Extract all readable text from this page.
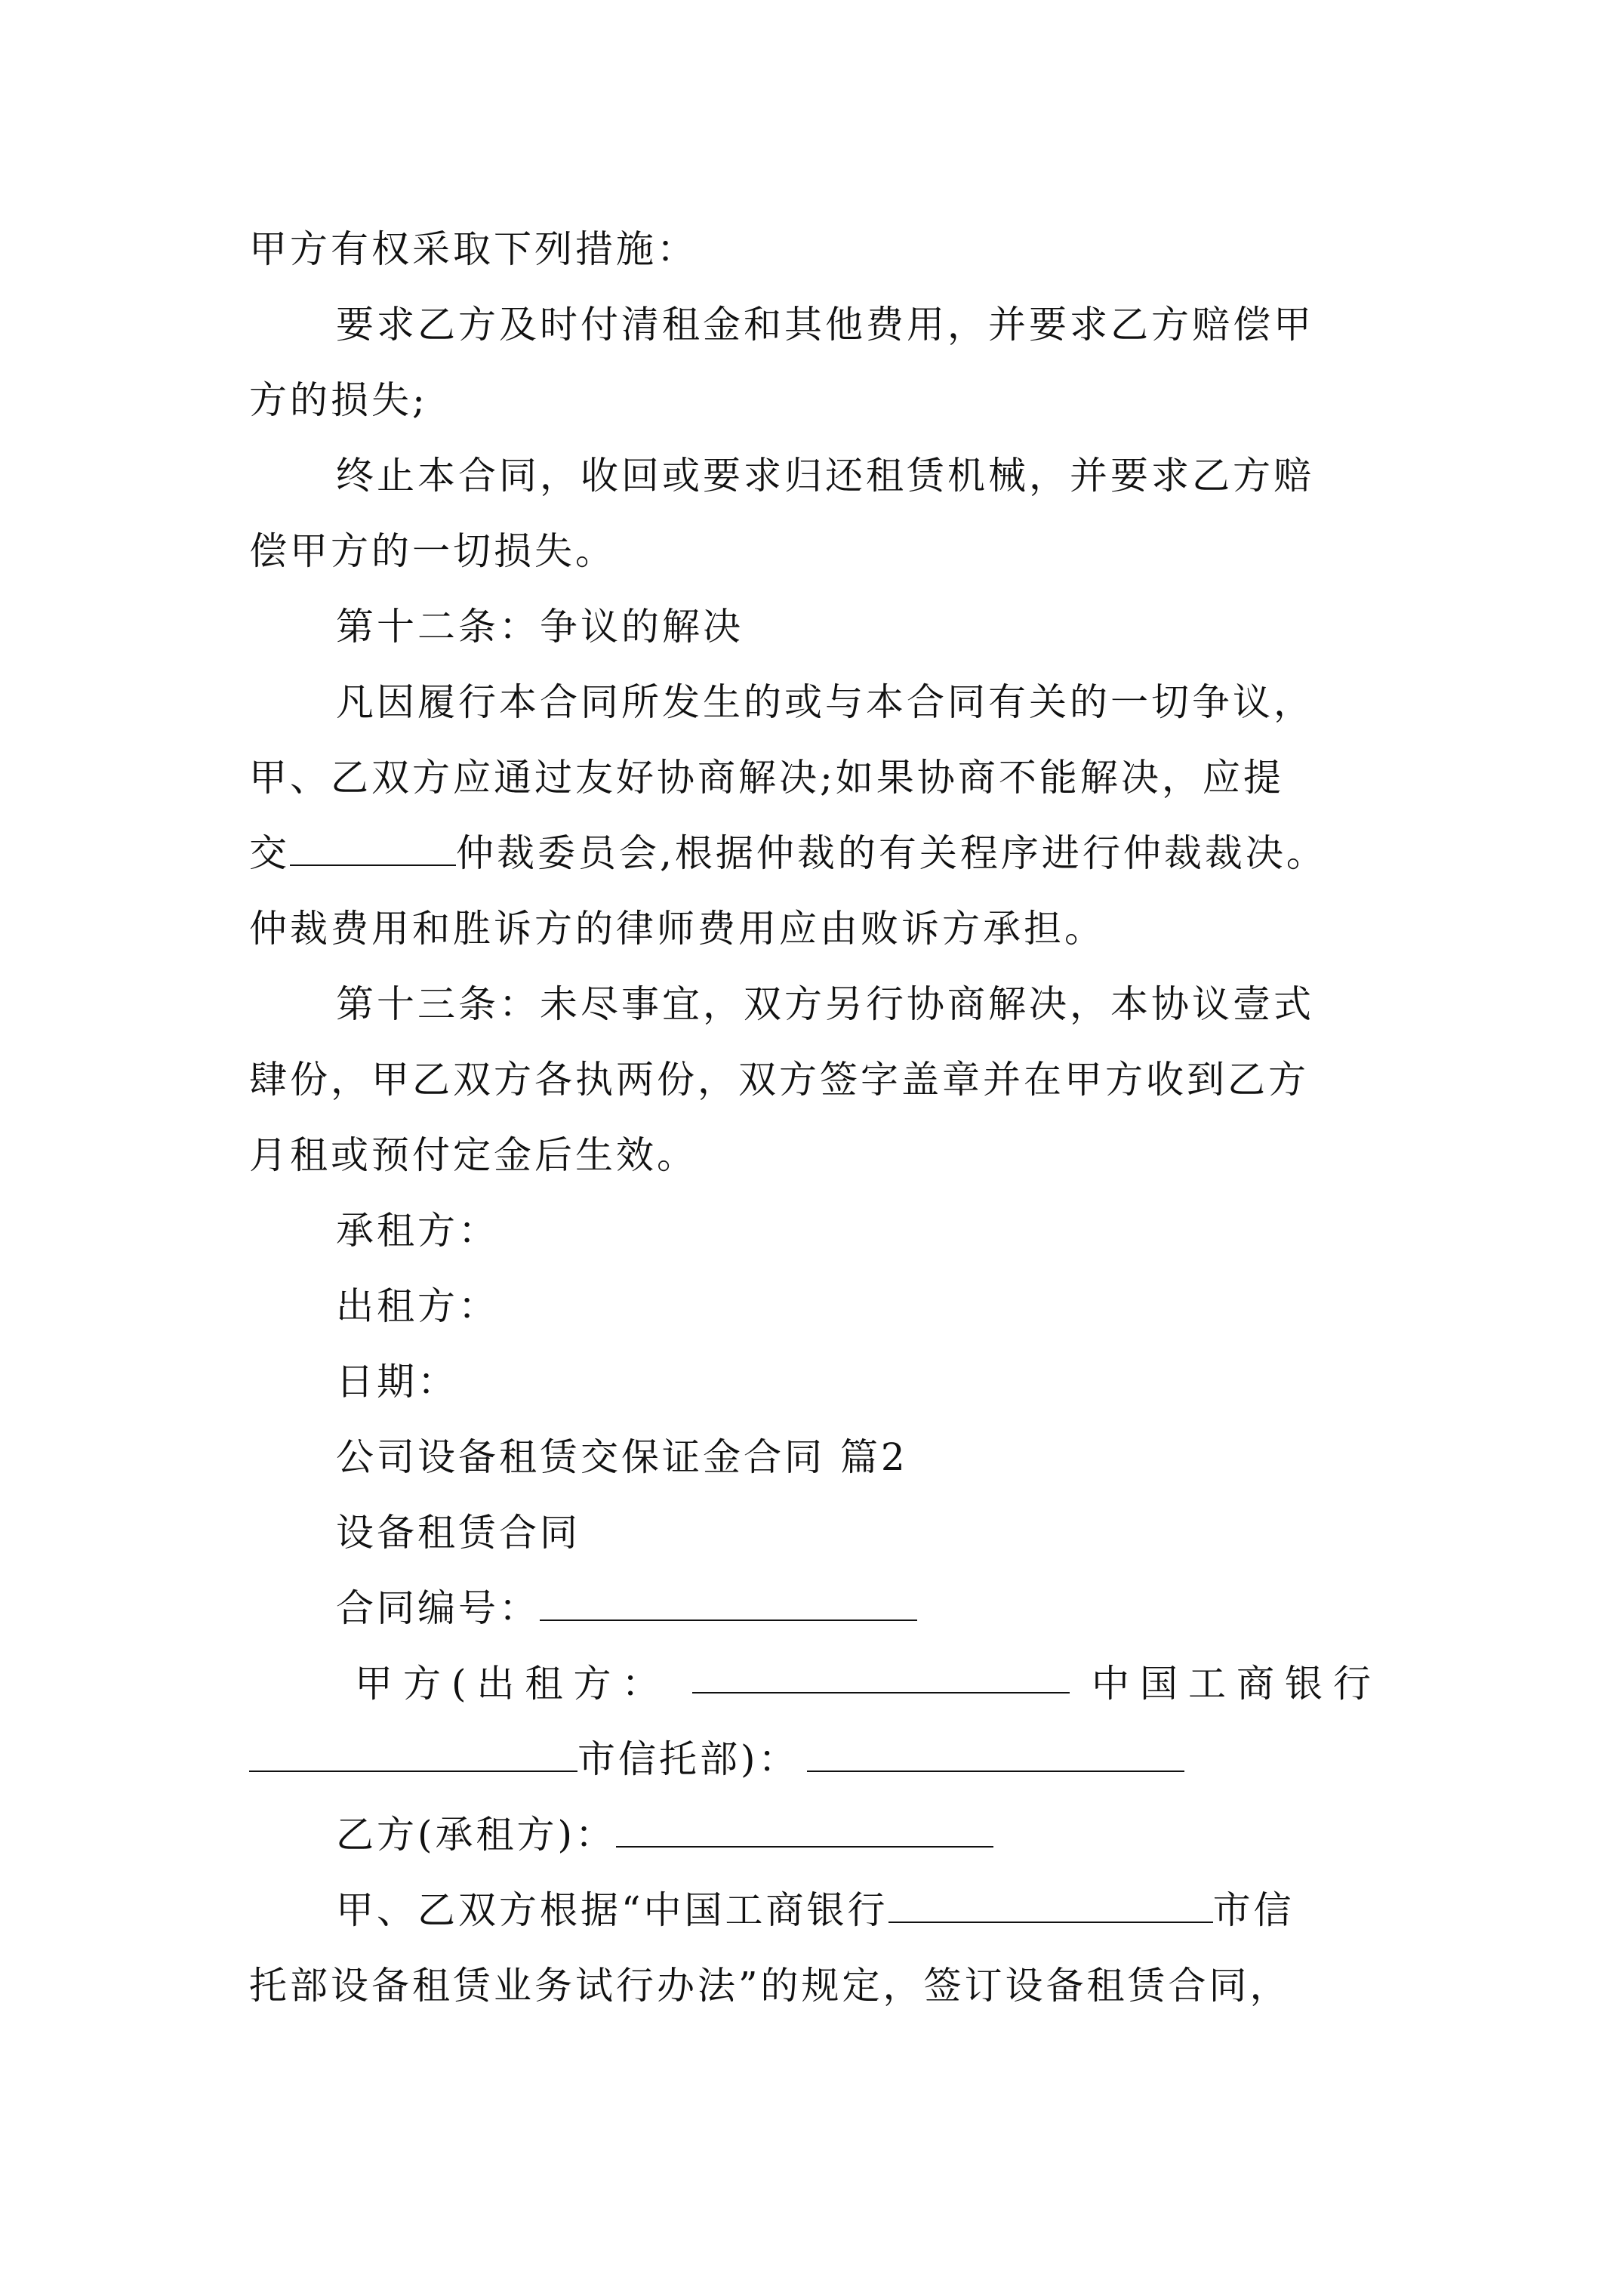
甲方有权采取下列措施：
要求乙方及时付清租金和其他费用，并要求乙方赔偿甲
方的损失;
终止本合同，收回或要求归还租赁机械，并要求乙方赔
偿甲方的一切损失。
第十二条：争议的解决
凡因履行本合同所发生的或与本合同有关的一切争议，
甲、乙双方应通过友好协商解决;如果协商不能解决，应提
交	仲裁委员会,根据仲裁的有关程序进行仲裁裁决。
仲裁费用和胜诉方的律师费用应由败诉方承担。
第十三条：未尽事宜，双方另行协商解决，本协议壹式
肆份，甲乙双方各执两份，双方签字盖章并在甲方收到乙方
月租或预付定金后生效。
承租方：
出租方：
日期：
公司设备租赁交保证金合同 篇2
设备租赁合同
合同编号：
甲方(出租方：	中国工商银行
市信托部)：
乙方(承租方)：
甲、乙双方根据“中国工商银行	市信
托部设备租赁业务试行办法”的规定，签订设备租赁合同，
